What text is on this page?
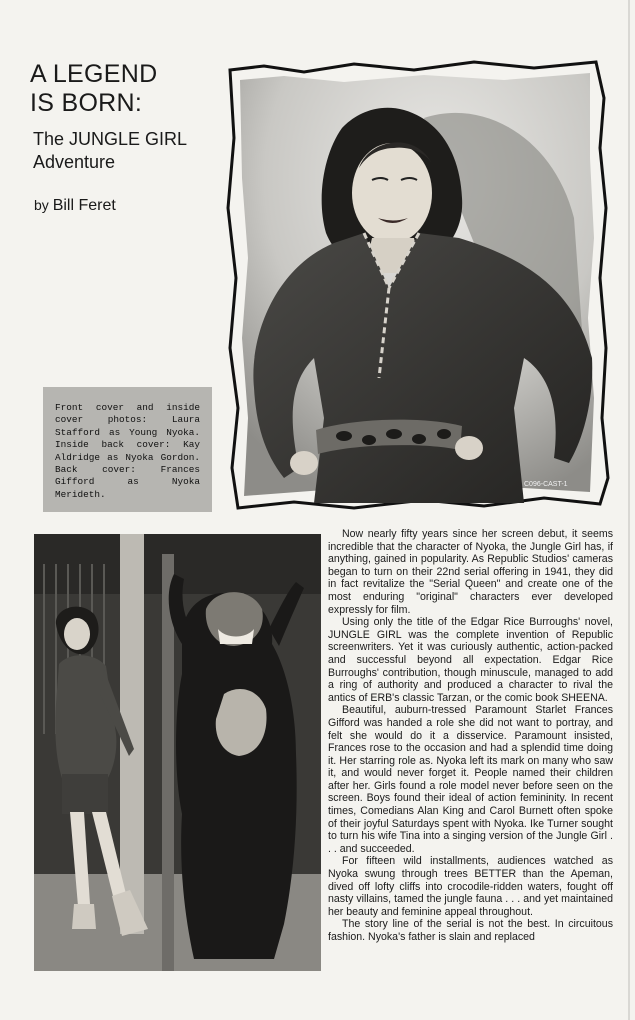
A LEGEND
IS BORN:
The JUNGLE GIRL
Adventure
by Bill Feret
Front cover and inside cover photos: Laura Stafford as Young Nyoka. Inside back cover: Kay Aldridge as Nyoka Gordon. Back cover: Frances Gifford as Nyoka Merideth.
C096-CAST-1

Now nearly fifty years since her screen debut, it seems incredible that the character of Nyoka, the Jungle Girl has, if anything, gained in popularity. As Republic Studios' cameras began to turn on their 22nd serial offering in 1941, they did in fact revitalize the "Serial Queen" and create one of the most enduring "original" characters ever developed expressly for film.

Using only the title of the Edgar Rice Burroughs' novel, JUNGLE GIRL was the complete invention of Republic screenwriters. Yet it was curiously authentic, action-packed and successful beyond all expectation. Edgar Rice Burroughs' contribution, though minuscule, managed to add a ring of authority and produced a character to rival the antics of ERB's classic Tarzan, or the comic book SHEENA.

Beautiful, auburn-tressed Paramount Starlet Frances Gifford was handed a role she did not want to portray, and felt she would do it a disservice. Paramount insisted, Frances rose to the occasion and had a splendid time doing it. Her starring role as. Nyoka left its mark on many who saw it, and would never forget it. People named their children after her. Girls found a role model never before seen on the screen. Boys found their ideal of action femininity. In recent times, Comedians Alan King and Carol Burnett often spoke of their joyful Saturdays spent with Nyoka. Ike Turner sought to turn his wife Tina into a singing version of the Jungle Girl . . . and succeeded.

For fifteen wild installments, audiences watched as Nyoka swung through trees BETTER than the Apeman, dived off lofty cliffs into crocodile-ridden waters, fought off nasty villains, tamed the jungle fauna . . . and yet maintained her beauty and feminine appeal throughout.

The story line of the serial is not the best. In circuitous fashion. Nyoka's father is slain and replaced
